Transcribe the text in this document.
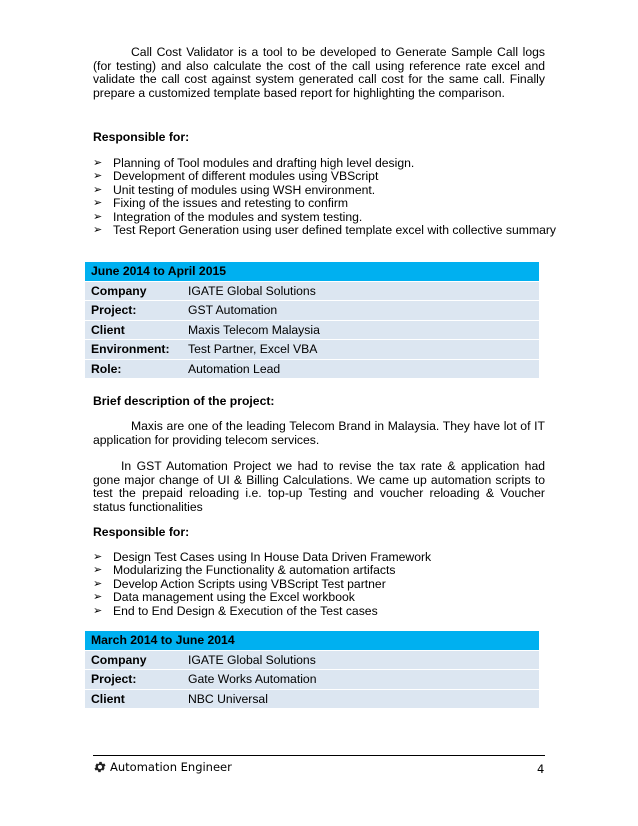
Call Cost Validator is a tool to be developed to Generate Sample Call logs (for testing) and also calculate the cost of the call using reference rate excel and validate the call cost against system generated call cost for the same call. Finally prepare a customized template based report for highlighting the comparison.

Responsible for:

➢ Planning of Tool modules and drafting high level design.
➢ Development of different modules using VBScript
➢ Unit testing of modules using WSH environment.
➢ Fixing of the issues and retesting to confirm
➢ Integration of the modules and system testing.
➢ Test Report Generation using user defined template excel with collective summary
June 2014 to April 2015	
Company	IGATE Global Solutions
Project:	GST Automation
Client	Maxis Telecom Malaysia
Environment:	Test Partner, Excel VBA
Role:	Automation Lead

Brief description of the project:

Maxis are one of the leading Telecom Brand in Malaysia. They have lot of IT application for providing telecom services.

In GST Automation Project we had to revise the tax rate & application had gone major change of UI & Billing Calculations. We came up automation scripts to test the prepaid reloading i.e. top-up Testing and voucher reloading & Voucher status functionalities

Responsible for:

➢ Design Test Cases using In House Data Driven Framework
➢ Modularizing the Functionality & automation artifacts
➢ Develop Action Scripts using VBScript Test partner
➢ Data management using the Excel workbook
➢ End to End Design & Execution of the Test cases
March 2014 to June 2014	
Company	IGATE Global Solutions
Project:	Gate Works Automation
Client	NBC Universal
Automation Engineer	4
